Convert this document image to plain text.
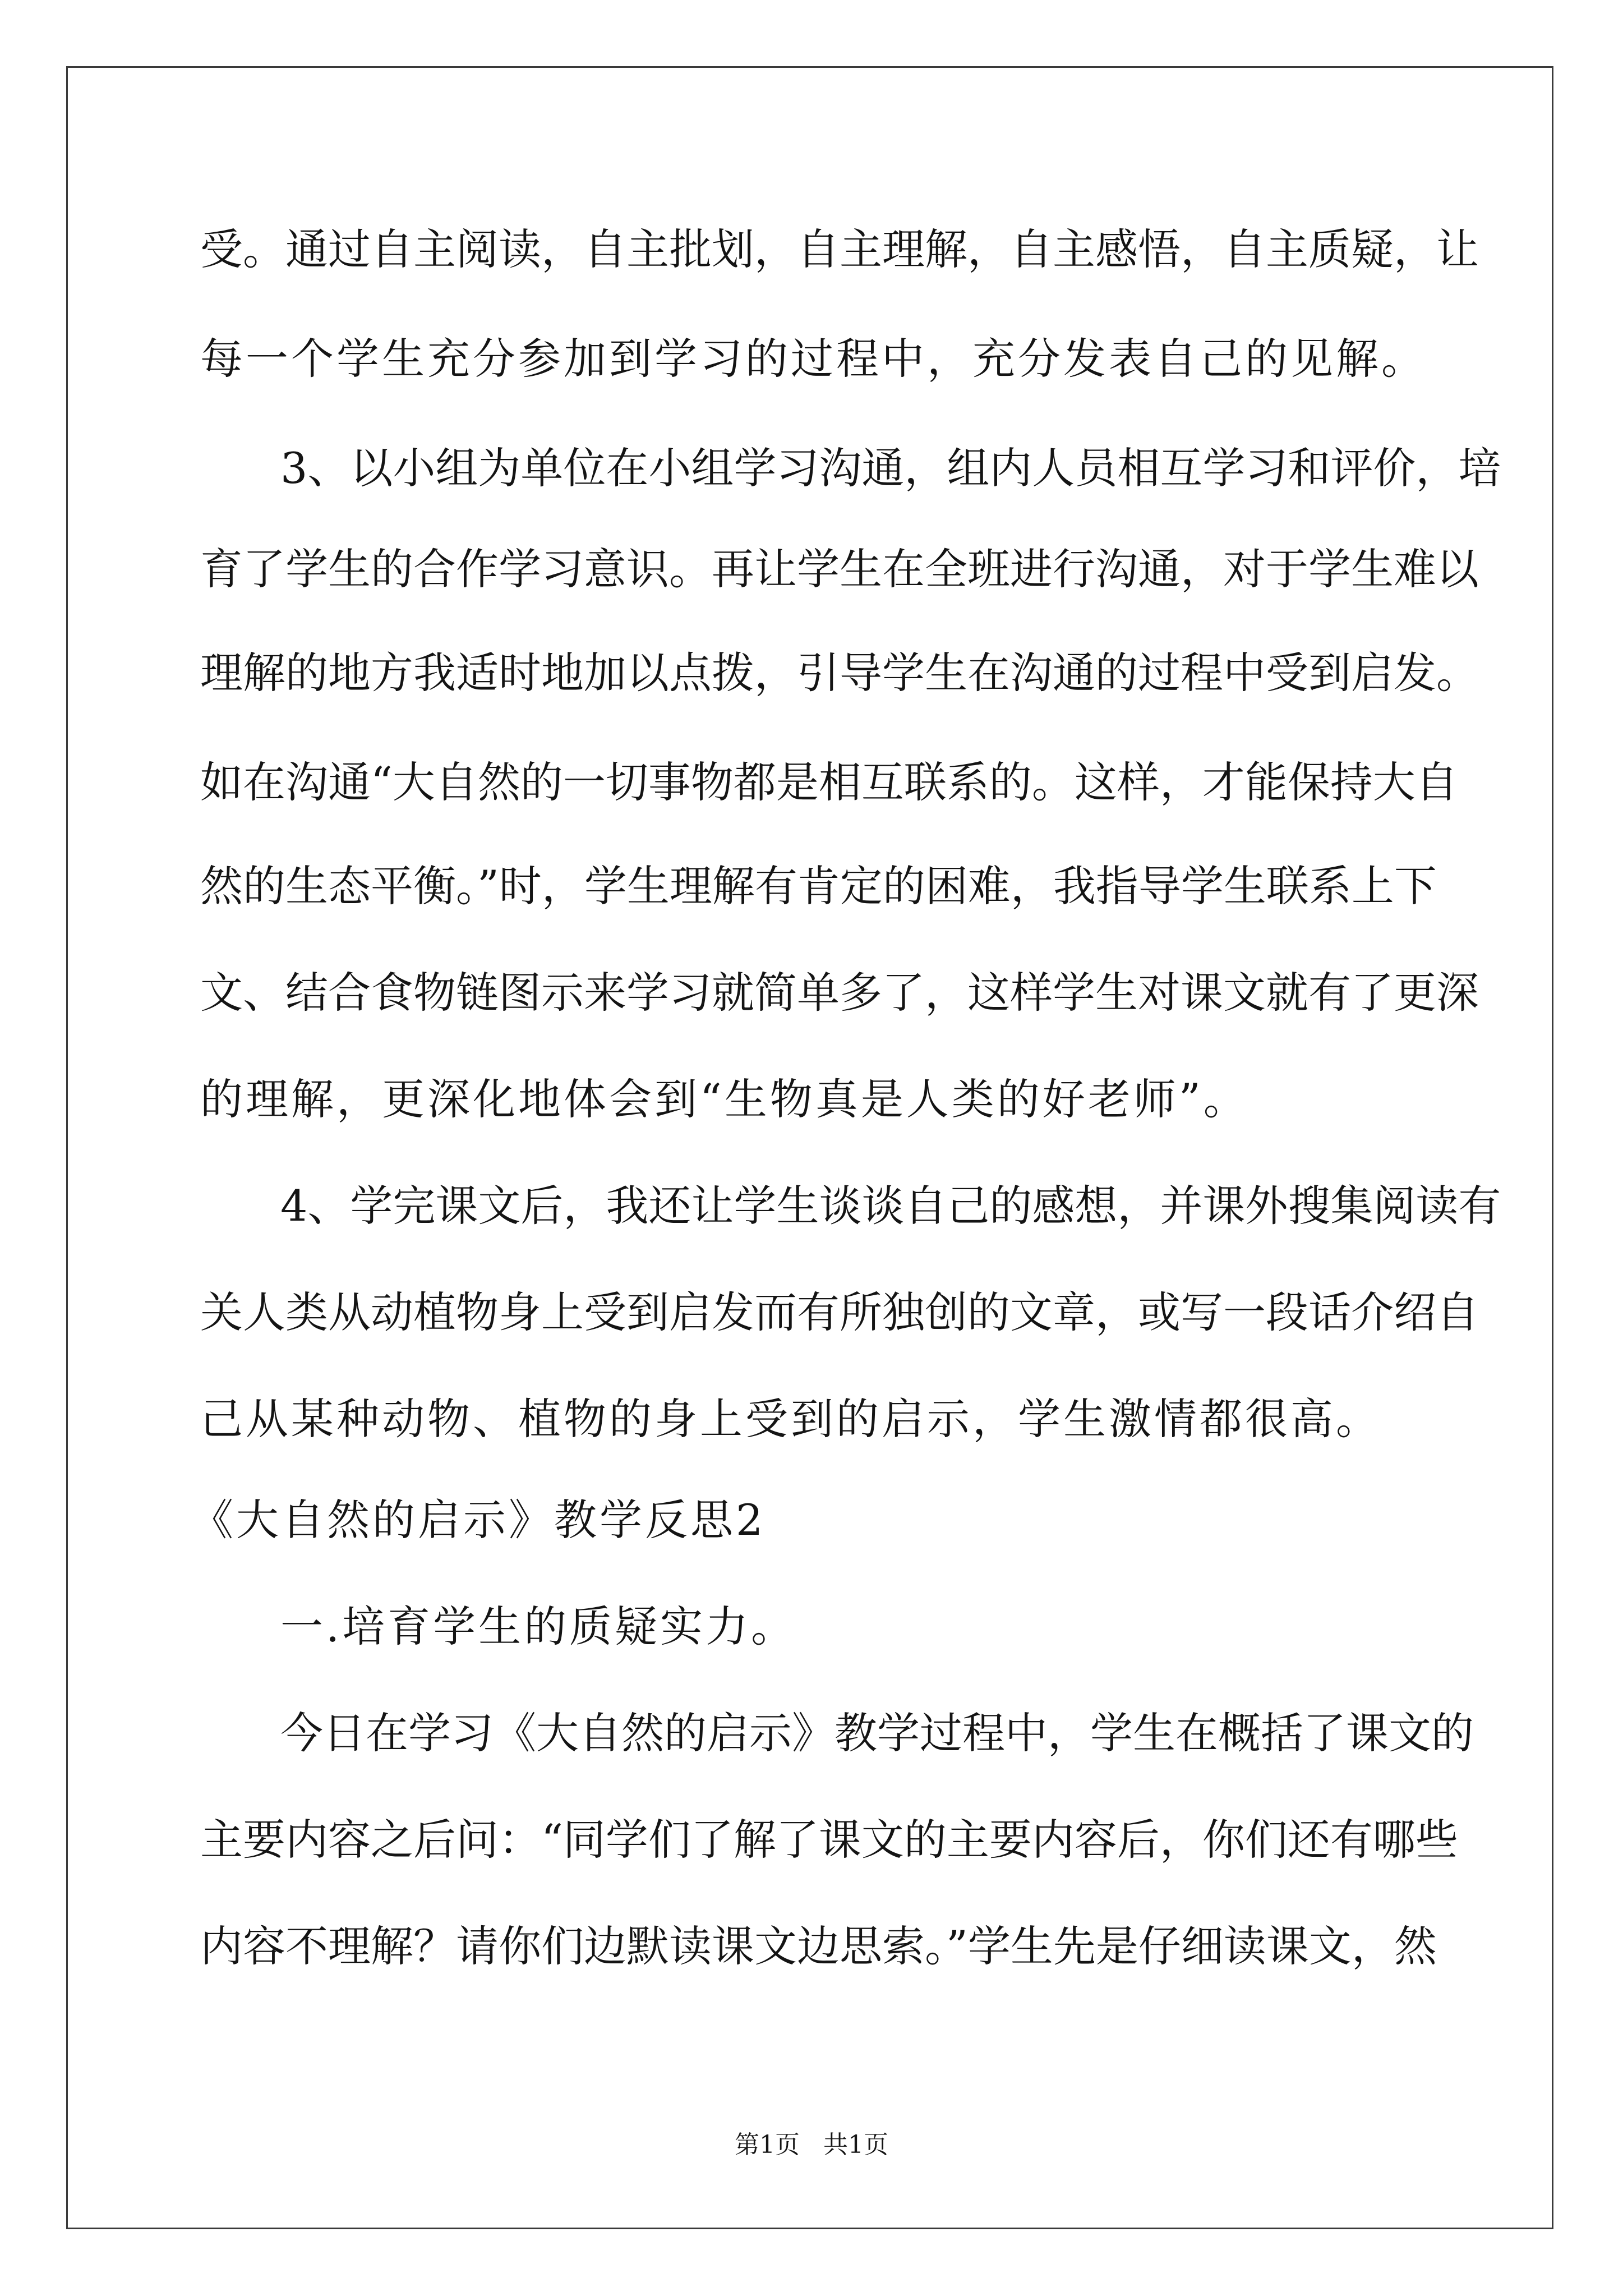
受。通过自主阅读，自主批划，自主理解，自主感悟，自主质疑，让
每一个学生充分参加到学习的过程中，充分发表自己的见解。
3、以小组为单位在小组学习沟通，组内人员相互学习和评价，培
育了学生的合作学习意识。再让学生在全班进行沟通，对于学生难以
理解的地方我适时地加以点拨，引导学生在沟通的过程中受到启发。
如在沟通“大自然的一切事物都是相互联系的。这样，才能保持大自
然的生态平衡。”时，学生理解有肯定的困难，我指导学生联系上下
文、结合食物链图示来学习就简单多了，这样学生对课文就有了更深
的理解，更深化地体会到“生物真是人类的好老师”。
4、学完课文后，我还让学生谈谈自己的感想，并课外搜集阅读有
关人类从动植物身上受到启发而有所独创的文章，或写一段话介绍自
己从某种动物、植物的身上受到的启示，学生激情都很高。
《大自然的启示》教学反思2
一.培育学生的质疑实力。
今日在学习《大自然的启示》教学过程中，学生在概括了课文的
主要内容之后问：“同学们了解了课文的主要内容后，你们还有哪些
内容不理解？请你们边默读课文边思索。”学生先是仔细读课文，然
第1页   共1页
